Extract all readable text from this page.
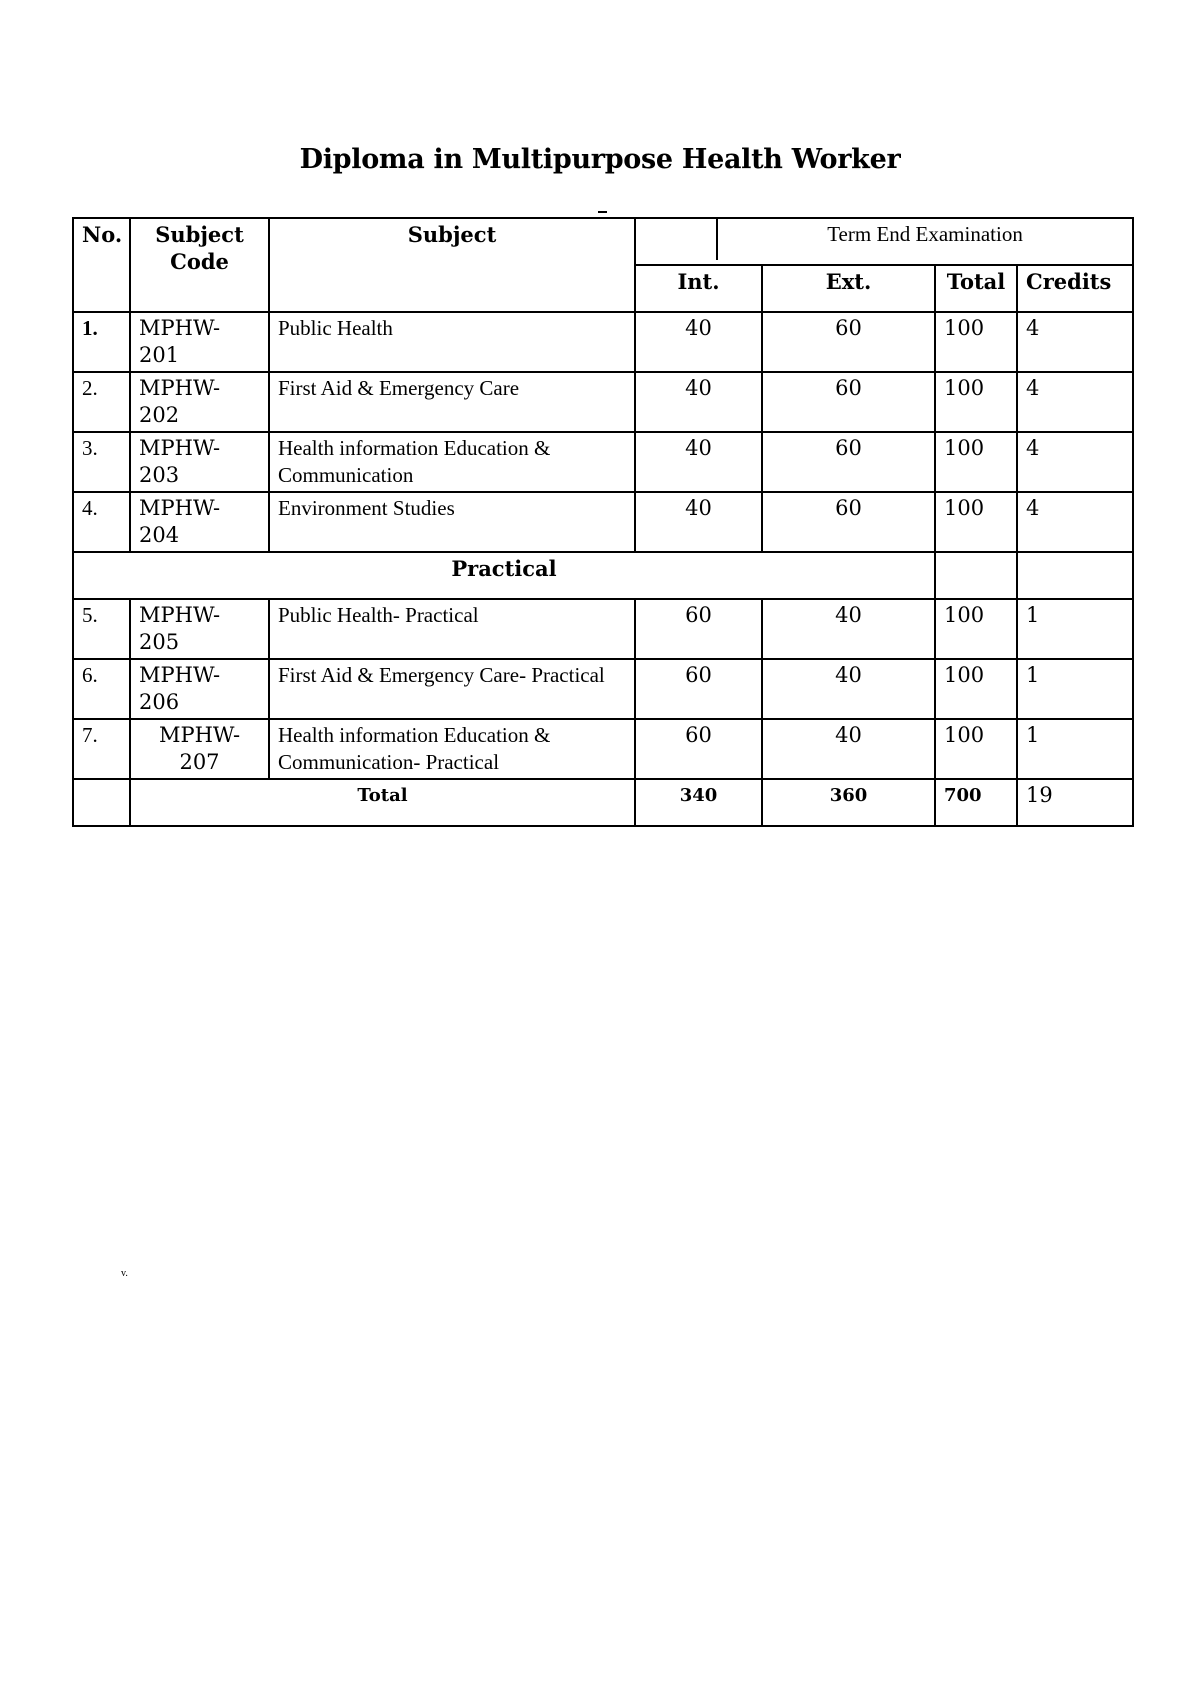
Diploma in Multipurpose Health Worker
No.	Subject Code	Subject	Term End Examination			

			Int.	Ext.	Total	Credits
1.	MPHW-201	Public Health	40	60	100	4
2.	MPHW-202	First Aid & Emergency Care	40	60	100	4
3.	MPHW-203	Health information Education & Communication	40	60	100	4
4.	MPHW-204	Environment Studies	40	60	100	4
Practical						
5.	MPHW-205	Public Health- Practical	60	40	100	1
6.	MPHW-206	First Aid & Emergency Care- Practical	60	40	100	1
7.	MPHW-207	Health information Education & Communication- Practical	60	40	100	1
	Total		340	360	700	19
v.
